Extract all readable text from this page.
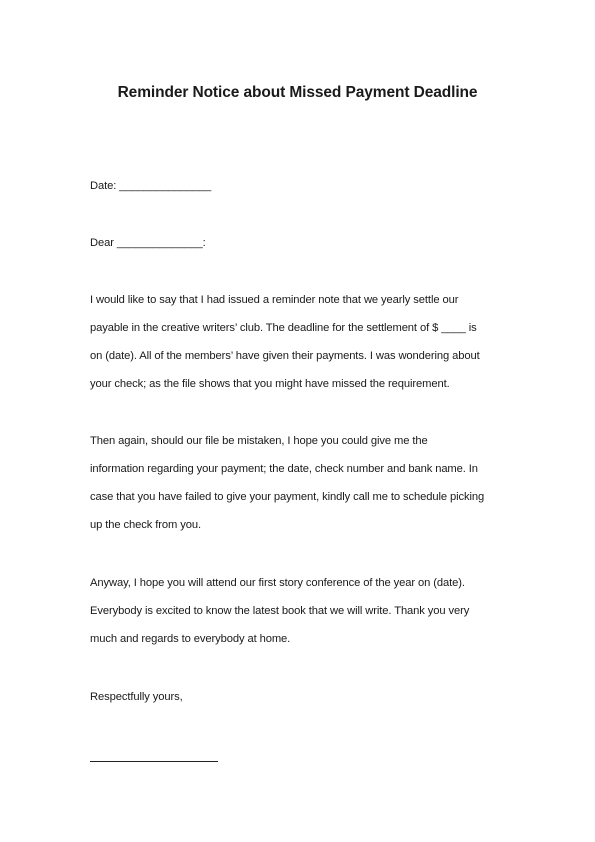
Reminder Notice about Missed Payment Deadline
Date: _______________
Dear ______________:
I would like to say that I had issued a reminder note that we yearly settle our
payable in the creative writers’ club. The deadline for the settlement of $ ____ is
on (date). All of the members’ have given their payments. I was wondering about
your check; as the file shows that you might have missed the requirement.
Then again, should our file be mistaken, I hope you could give me the
information regarding your payment; the date, check number and bank name. In
case that you have failed to give your payment, kindly call me to schedule picking
up the check from you.
Anyway, I hope you will attend our first story conference of the year on (date).
Everybody is excited to know the latest book that we will write. Thank you very
much and regards to everybody at home.
Respectfully yours,
